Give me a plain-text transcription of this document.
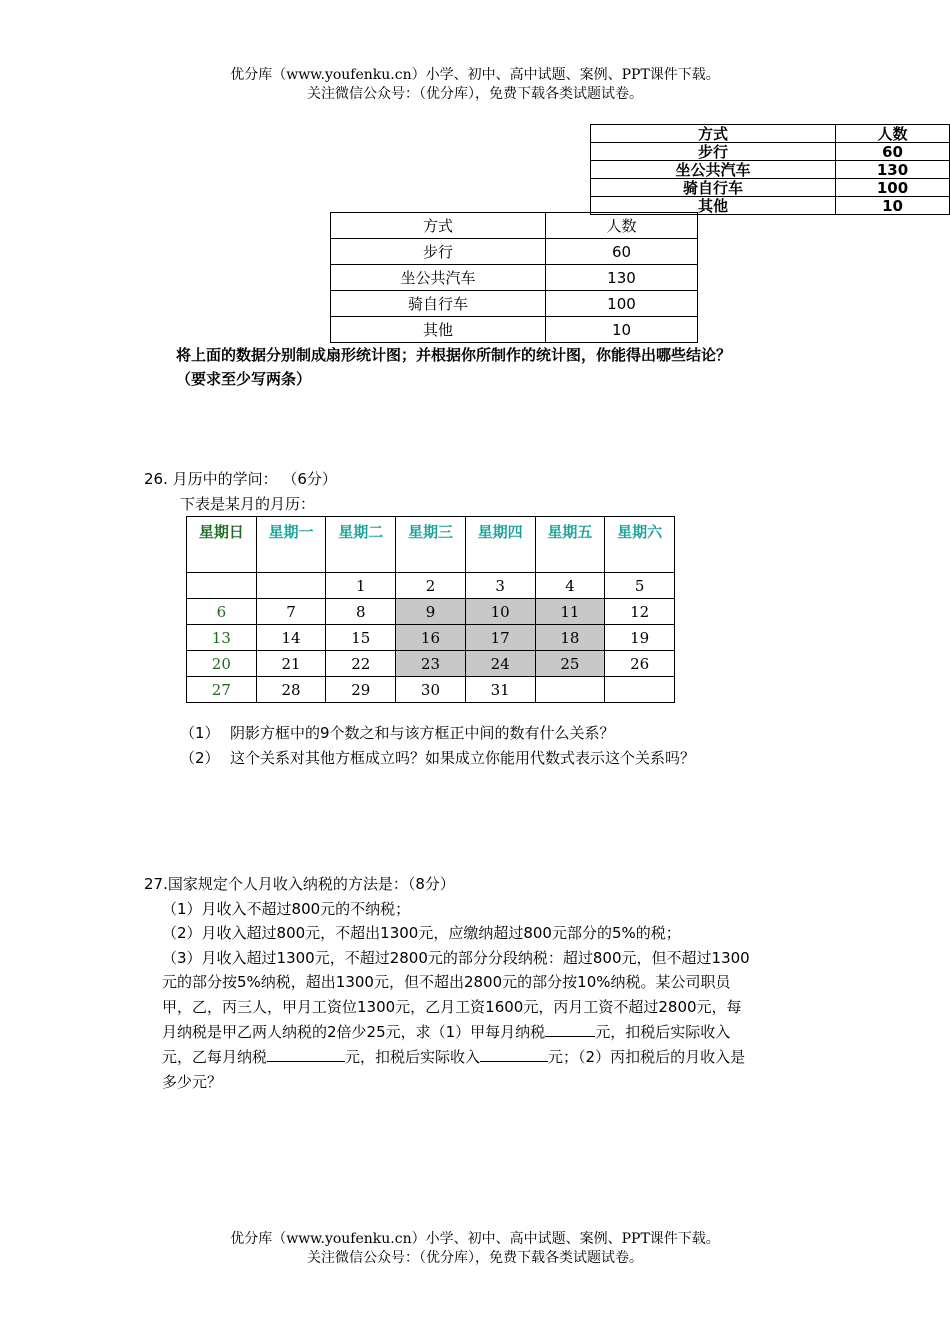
优分库（www.youfenku.cn）小学、初中、高中试题、案例、PPT课件下载。
关注微信公众号：（优分库），免费下载各类试题试卷。
方式	人数
步行	60
坐公共汽车	130
骑自行车	100
其他	10
方式	人数
步行	60
坐公共汽车	130
骑自行车	100
其他	10
将上面的数据分别制成扇形统计图；并根据你所制作的统计图，你能得出哪些结论？
（要求至少写两条）
26. 月历中的学问： （6分）
下表是某月的月历：
星期日	星期一	星期二	星期三	星期四	星期五	星期六
		1	2	3	4	5
6	7	8	9	10	11	12
13	14	15	16	17	18	19
20	21	22	23	24	25	26
27	28	29	30	31		
（1） 阴影方框中的9个数之和与该方框正中间的数有什么关系？
（2） 这个关系对其他方框成立吗？如果成立你能用代数式表示这个关系吗？
27.国家规定个人月收入纳税的方法是：（8分）
（1）月收入不超过800元的不纳税；
（2）月收入超过800元，不超出1300元，应缴纳超过800元部分的5%的税；
（3）月收入超过1300元，不超过2800元的部分分段纳税：超过800元，但不超过1300
元的部分按5%纳税，超出1300元，但不超出2800元的部分按10%纳税。某公司职员
甲，乙，丙三人，甲月工资位1300元，乙月工资1600元，丙月工资不超过2800元，每
月纳税是甲乙两人纳税的2倍少25元，求（1）甲每月纳税	元，扣税后实际收入
元，乙每月纳税	元，扣税后实际收入	元；（2）丙扣税后的月收入是
多少元？
优分库（www.youfenku.cn）小学、初中、高中试题、案例、PPT课件下载。
关注微信公众号：（优分库），免费下载各类试题试卷。
